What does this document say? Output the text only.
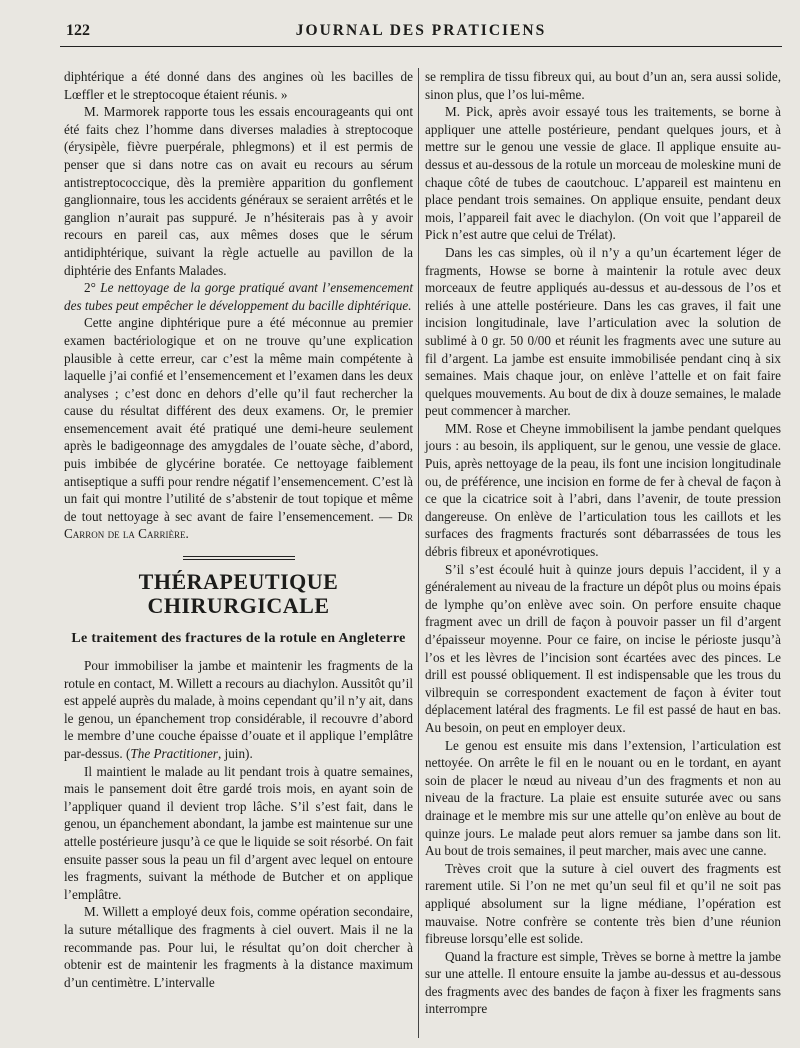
122	JOURNAL DES PRATICIENS

diphtérique a été donné dans des angines où les bacilles de Lœffler et le streptocoque étaient réunis. »

M. Marmorek rapporte tous les essais encourageants qui ont été faits chez l’homme dans diverses maladies à streptocoque (érysipèle, fièvre puerpérale, phlegmons) et il est permis de penser que si dans notre cas on avait eu recours au sérum antistreptococcique, dès la première apparition du gonflement ganglionnaire, tous les accidents généraux se seraient arrêtés et le ganglion n’aurait pas suppuré. Je n’hésiterais pas à y avoir recours en pareil cas, aux mêmes doses que le sérum antidiphtérique, suivant la règle actuelle au pavillon de la diphtérie des Enfants Malades.

2° Le nettoyage de la gorge pratiqué avant l’ensemencement des tubes peut empêcher le développement du bacille diphtérique.

Cette angine diphtérique pure a été méconnue au premier examen bactériologique et on ne trouve qu’une explication plausible à cette erreur, car c’est la même main compétente à laquelle j’ai confié et l’ensemencement et l’examen dans les deux analyses ; c’est donc en dehors d’elle qu’il faut rechercher la cause du résultat différent des deux examens. Or, le premier ensemencement avait été pratiqué une demi-heure seulement après le badigeonnage des amygdales de l’ouate sèche, d’abord, puis imbibée de glycérine boratée. Ce nettoyage faiblement antiseptique a suffi pour rendre négatif l’ensemencement. C’est là un fait qui montre l’utilité de s’abstenir de tout topique et même de tout nettoyage à sec avant de faire l’ensemencement. — Dr Carron de la Carrière.

THÉRAPEUTIQUE CHIRURGICALE
Le traitement des fractures de la rotule en Angleterre

Pour immobiliser la jambe et maintenir les fragments de la rotule en contact, M. Willett a recours au diachylon. Aussitôt qu’il est appelé auprès du malade, à moins cependant qu’il n’y ait, dans le genou, un épanchement trop considérable, il recouvre d’abord le membre d’une couche épaisse d’ouate et il applique l’emplâtre par-dessus. (The Practitioner, juin).

Il maintient le malade au lit pendant trois à quatre semaines, mais le pansement doit être gardé trois mois, en ayant soin de l’appliquer quand il devient trop lâche. S’il s’est fait, dans le genou, un épanchement abondant, la jambe est maintenue sur une attelle postérieure jusqu’à ce que le liquide se soit résorbé. On fait ensuite passer sous la peau un fil d’argent avec lequel on entoure les fragments, suivant la méthode de Butcher et on applique l’emplâtre.

M. Willett a employé deux fois, comme opération secondaire, la suture métallique des fragments à ciel ouvert. Mais il ne la recommande pas. Pour lui, le résultat qu’on doit chercher à obtenir est de maintenir les fragments à la distance maximum d’un centimètre. L’intervalle

se remplira de tissu fibreux qui, au bout d’un an, sera aussi solide, sinon plus, que l’os lui-même.

M. Pick, après avoir essayé tous les traitements, se borne à appliquer une attelle postérieure, pendant quelques jours, et à mettre sur le genou une vessie de glace. Il applique ensuite au-dessus et au-dessous de la rotule un morceau de moleskine muni de chaque côté de tubes de caoutchouc. L’appareil est maintenu en place pendant trois semaines. On applique ensuite, pendant deux mois, l’appareil fait avec le diachylon. (On voit que l’appareil de Pick n’est autre que celui de Trélat).

Dans les cas simples, où il n’y a qu’un écartement léger de fragments, Howse se borne à maintenir la rotule avec deux morceaux de feutre appliqués au-dessus et au-dessous de l’os et reliés à une attelle postérieure. Dans les cas graves, il fait une incision longitudinale, lave l’articulation avec la solution de sublimé à 0 gr. 50 0/00 et réunit les fragments avec une suture au fil d’argent. La jambe est ensuite immobilisée pendant cinq à six semaines. Mais chaque jour, on enlève l’attelle et on fait faire quelques mouvements. Au bout de dix à douze semaines, le malade peut commencer à marcher.

MM. Rose et Cheyne immobilisent la jambe pendant quelques jours : au besoin, ils appliquent, sur le genou, une vessie de glace. Puis, après nettoyage de la peau, ils font une incision longitudinale ou, de préférence, une incision en forme de fer à cheval de façon à ce que la cicatrice soit à l’abri, dans l’avenir, de toute pression dangereuse. On enlève de l’articulation tous les caillots et les surfaces des fragments fracturés sont débarrassées de tous les débris fibreux et aponévrotiques.

S’il s’est écoulé huit à quinze jours depuis l’accident, il y a généralement au niveau de la fracture un dépôt plus ou moins épais de lymphe qu’on enlève avec soin. On perfore ensuite chaque fragment avec un drill de façon à pouvoir passer un fil d’argent d’épaisseur moyenne. Pour ce faire, on incise le périoste jusqu’à l’os et les lèvres de l’incision sont écartées avec des pinces. Le drill est poussé obliquement. Il est indispensable que les trous du vilbrequin se correspondent exactement de façon à éviter tout déplacement latéral des fragments. Le fil est passé de haut en bas. Au besoin, on peut en employer deux.

Le genou est ensuite mis dans l’extension, l’articulation est nettoyée. On arrête le fil en le nouant ou en le tordant, en ayant soin de placer le nœud au niveau d’un des fragments et non au niveau de la fracture. La plaie est ensuite suturée avec ou sans drainage et le membre mis sur une attelle qu’on enlève au bout de quinze jours. Le malade peut alors remuer sa jambe dans son lit. Au bout de trois semaines, il peut marcher, mais avec une canne.

Trèves croit que la suture à ciel ouvert des fragments est rarement utile. Si l’on ne met qu’un seul fil et qu’il ne soit pas appliqué absolument sur la ligne médiane, l’opération est mauvaise. Notre confrère se contente très bien d’une réunion fibreuse lorsqu’elle est solide.

Quand la fracture est simple, Trèves se borne à mettre la jambe sur une attelle. Il entoure ensuite la jambe au-dessus et au-dessous des fragments avec des bandes de façon à fixer les fragments sans interrompre
